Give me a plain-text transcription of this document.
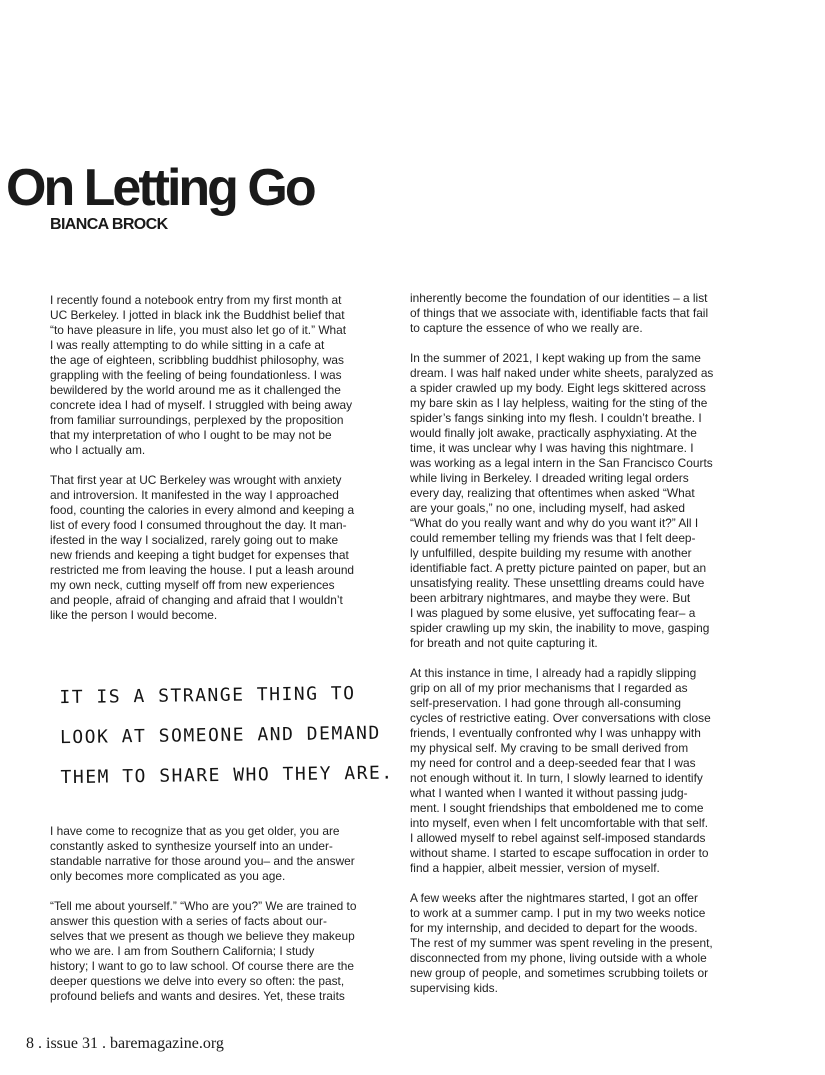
On Letting Go
BIANCA BROCK

I recently found a notebook entry from my first month at

UC Berkeley. I jotted in black ink the Buddhist belief that

“to have pleasure in life, you must also let go of it.” What

I was really attempting to do while sitting in a cafe at

the age of eighteen, scribbling buddhist philosophy, was

grappling with the feeling of being foundationless. I was

bewildered by the world around me as it challenged the

concrete idea I had of myself. I struggled with being away

from familiar surroundings, perplexed by the proposition

that my interpretation of who I ought to be may not be

who I actually am.

That first year at UC Berkeley was wrought with anxiety

and introversion. It manifested in the way I approached

food, counting the calories in every almond and keeping a

list of every food I consumed throughout the day. It man-

ifested in the way I socialized, rarely going out to make

new friends and keeping a tight budget for expenses that

restricted me from leaving the house. I put a leash around

my own neck, cutting myself off from new experiences

and people, afraid of changing and afraid that I wouldn’t

like the person I would become.

IT IS A STRANGE THING TO
LOOK AT SOMEONE AND DEMAND
THEM TO SHARE WHO THEY ARE.

I have come to recognize that as you get older, you are

constantly asked to synthesize yourself into an under-

standable narrative for those around you– and the answer

only becomes more complicated as you age.

“Tell me about yourself.” “Who are you?” We are trained to

answer this question with a series of facts about our-

selves that we present as though we believe they makeup

who we are. I am from Southern California; I study

history; I want to go to law school. Of course there are the

deeper questions we delve into every so often: the past,

profound beliefs and wants and desires. Yet, these traits

inherently become the foundation of our identities – a list

of things that we associate with, identifiable facts that fail

to capture the essence of who we really are.

In the summer of 2021, I kept waking up from the same

dream. I was half naked under white sheets, paralyzed as

a spider crawled up my body. Eight legs skittered across

my bare skin as I lay helpless, waiting for the sting of the

spider’s fangs sinking into my flesh. I couldn’t breathe. I

would finally jolt awake, practically asphyxiating. At the

time, it was unclear why I was having this nightmare. I

was working as a legal intern in the San Francisco Courts

while living in Berkeley. I dreaded writing legal orders

every day, realizing that oftentimes when asked “What

are your goals,” no one, including myself, had asked

“What do you really want and why do you want it?” All I

could remember telling my friends was that I felt deep-

ly unfulfilled, despite building my resume with another

identifiable fact. A pretty picture painted on paper, but an

unsatisfying reality. These unsettling dreams could have

been arbitrary nightmares, and maybe they were. But

I was plagued by some elusive, yet suffocating fear– a

spider crawling up my skin, the inability to move, gasping

for breath and not quite capturing it.

At this instance in time, I already had a rapidly slipping

grip on all of my prior mechanisms that I regarded as

self-preservation. I had gone through all-consuming

cycles of restrictive eating. Over conversations with close

friends, I eventually confronted why I was unhappy with

my physical self. My craving to be small derived from

my need for control and a deep-seeded fear that I was

not enough without it. In turn, I slowly learned to identify

what I wanted when I wanted it without passing judg-

ment. I sought friendships that emboldened me to come

into myself, even when I felt uncomfortable with that self.

I allowed myself to rebel against self-imposed standards

without shame. I started to escape suffocation in order to

find a happier, albeit messier, version of myself.

A few weeks after the nightmares started, I got an offer

to work at a summer camp. I put in my two weeks notice

for my internship, and decided to depart for the woods.

The rest of my summer was spent reveling in the present,

disconnected from my phone, living outside with a whole

new group of people, and sometimes scrubbing toilets or

supervising kids.

8 . issue 31 . baremagazine.org
